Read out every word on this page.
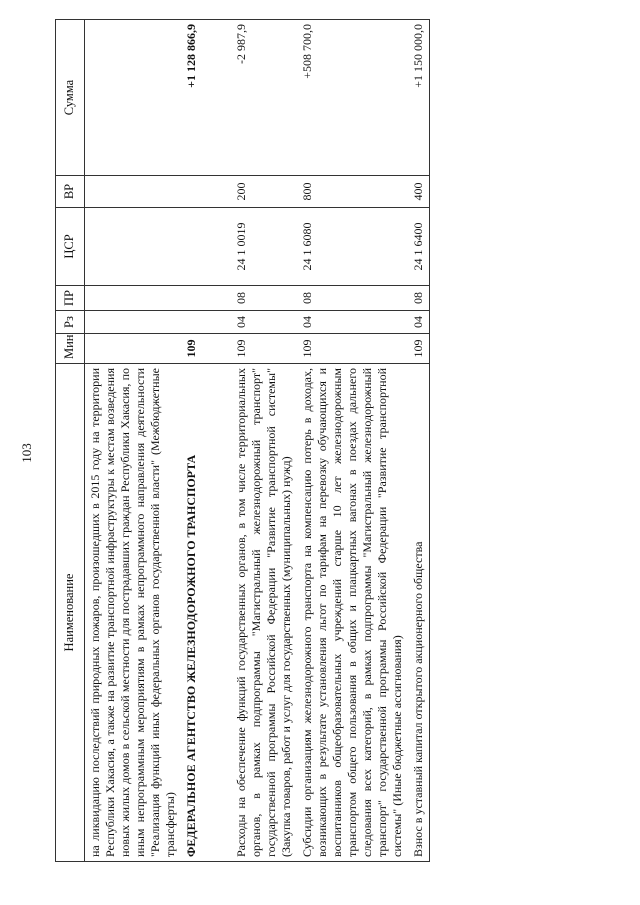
103
Наименование	Мин	Рз	ПР	ЦСР	ВР	Сумма
на ликвидацию последствий природных пожаров, произошедших в 2015 году на территории Республики Хакасия, а также на развитие транспортной инфраструктуры к местам возведения новых жилых домов в сельской местности для пострадавших граждан Республики Хакасия, по иным непрограммным мероприятиям в рамках непрограммного направления деятельности "Реализация функций иных федеральных органов государственной власти" (Межбюджетные трансферты)						
ФЕДЕРАЛЬНОЕ АГЕНТСТВО ЖЕЛЕЗНОДОРОЖНОГО ТРАНСПОРТА	109					+1 128 866,9
Расходы на обеспечение функций государственных органов, в том числе территориальных органов, в рамках подпрограммы "Магистральный железнодорожный транспорт" государственной программы Российской Федерации "Развитие транспортной системы" (Закупка товаров, работ и услуг для государственных (муниципальных) нужд)	109	04	08	24 1 0019	200	-2 987,9
Субсидии организациям железнодорожного транспорта на компенсацию потерь в доходах, возникающих в результате установления льгот по тарифам на перевозку обучающихся и воспитанников общеобразовательных учреждений старше 10 лет железнодорожным транспортом общего пользования в общих и плацкартных вагонах в поездах дальнего следования всех категорий, в рамках подпрограммы "Магистральный железнодорожный транспорт" государственной программы Российской Федерации "Развитие транспортной системы" (Иные бюджетные ассигнования)	109	04	08	24 1 6080	800	+508 700,0
Взнос в уставный капитал открытого акционерного общества	109	04	08	24 1 6400	400	+1 150 000,0
